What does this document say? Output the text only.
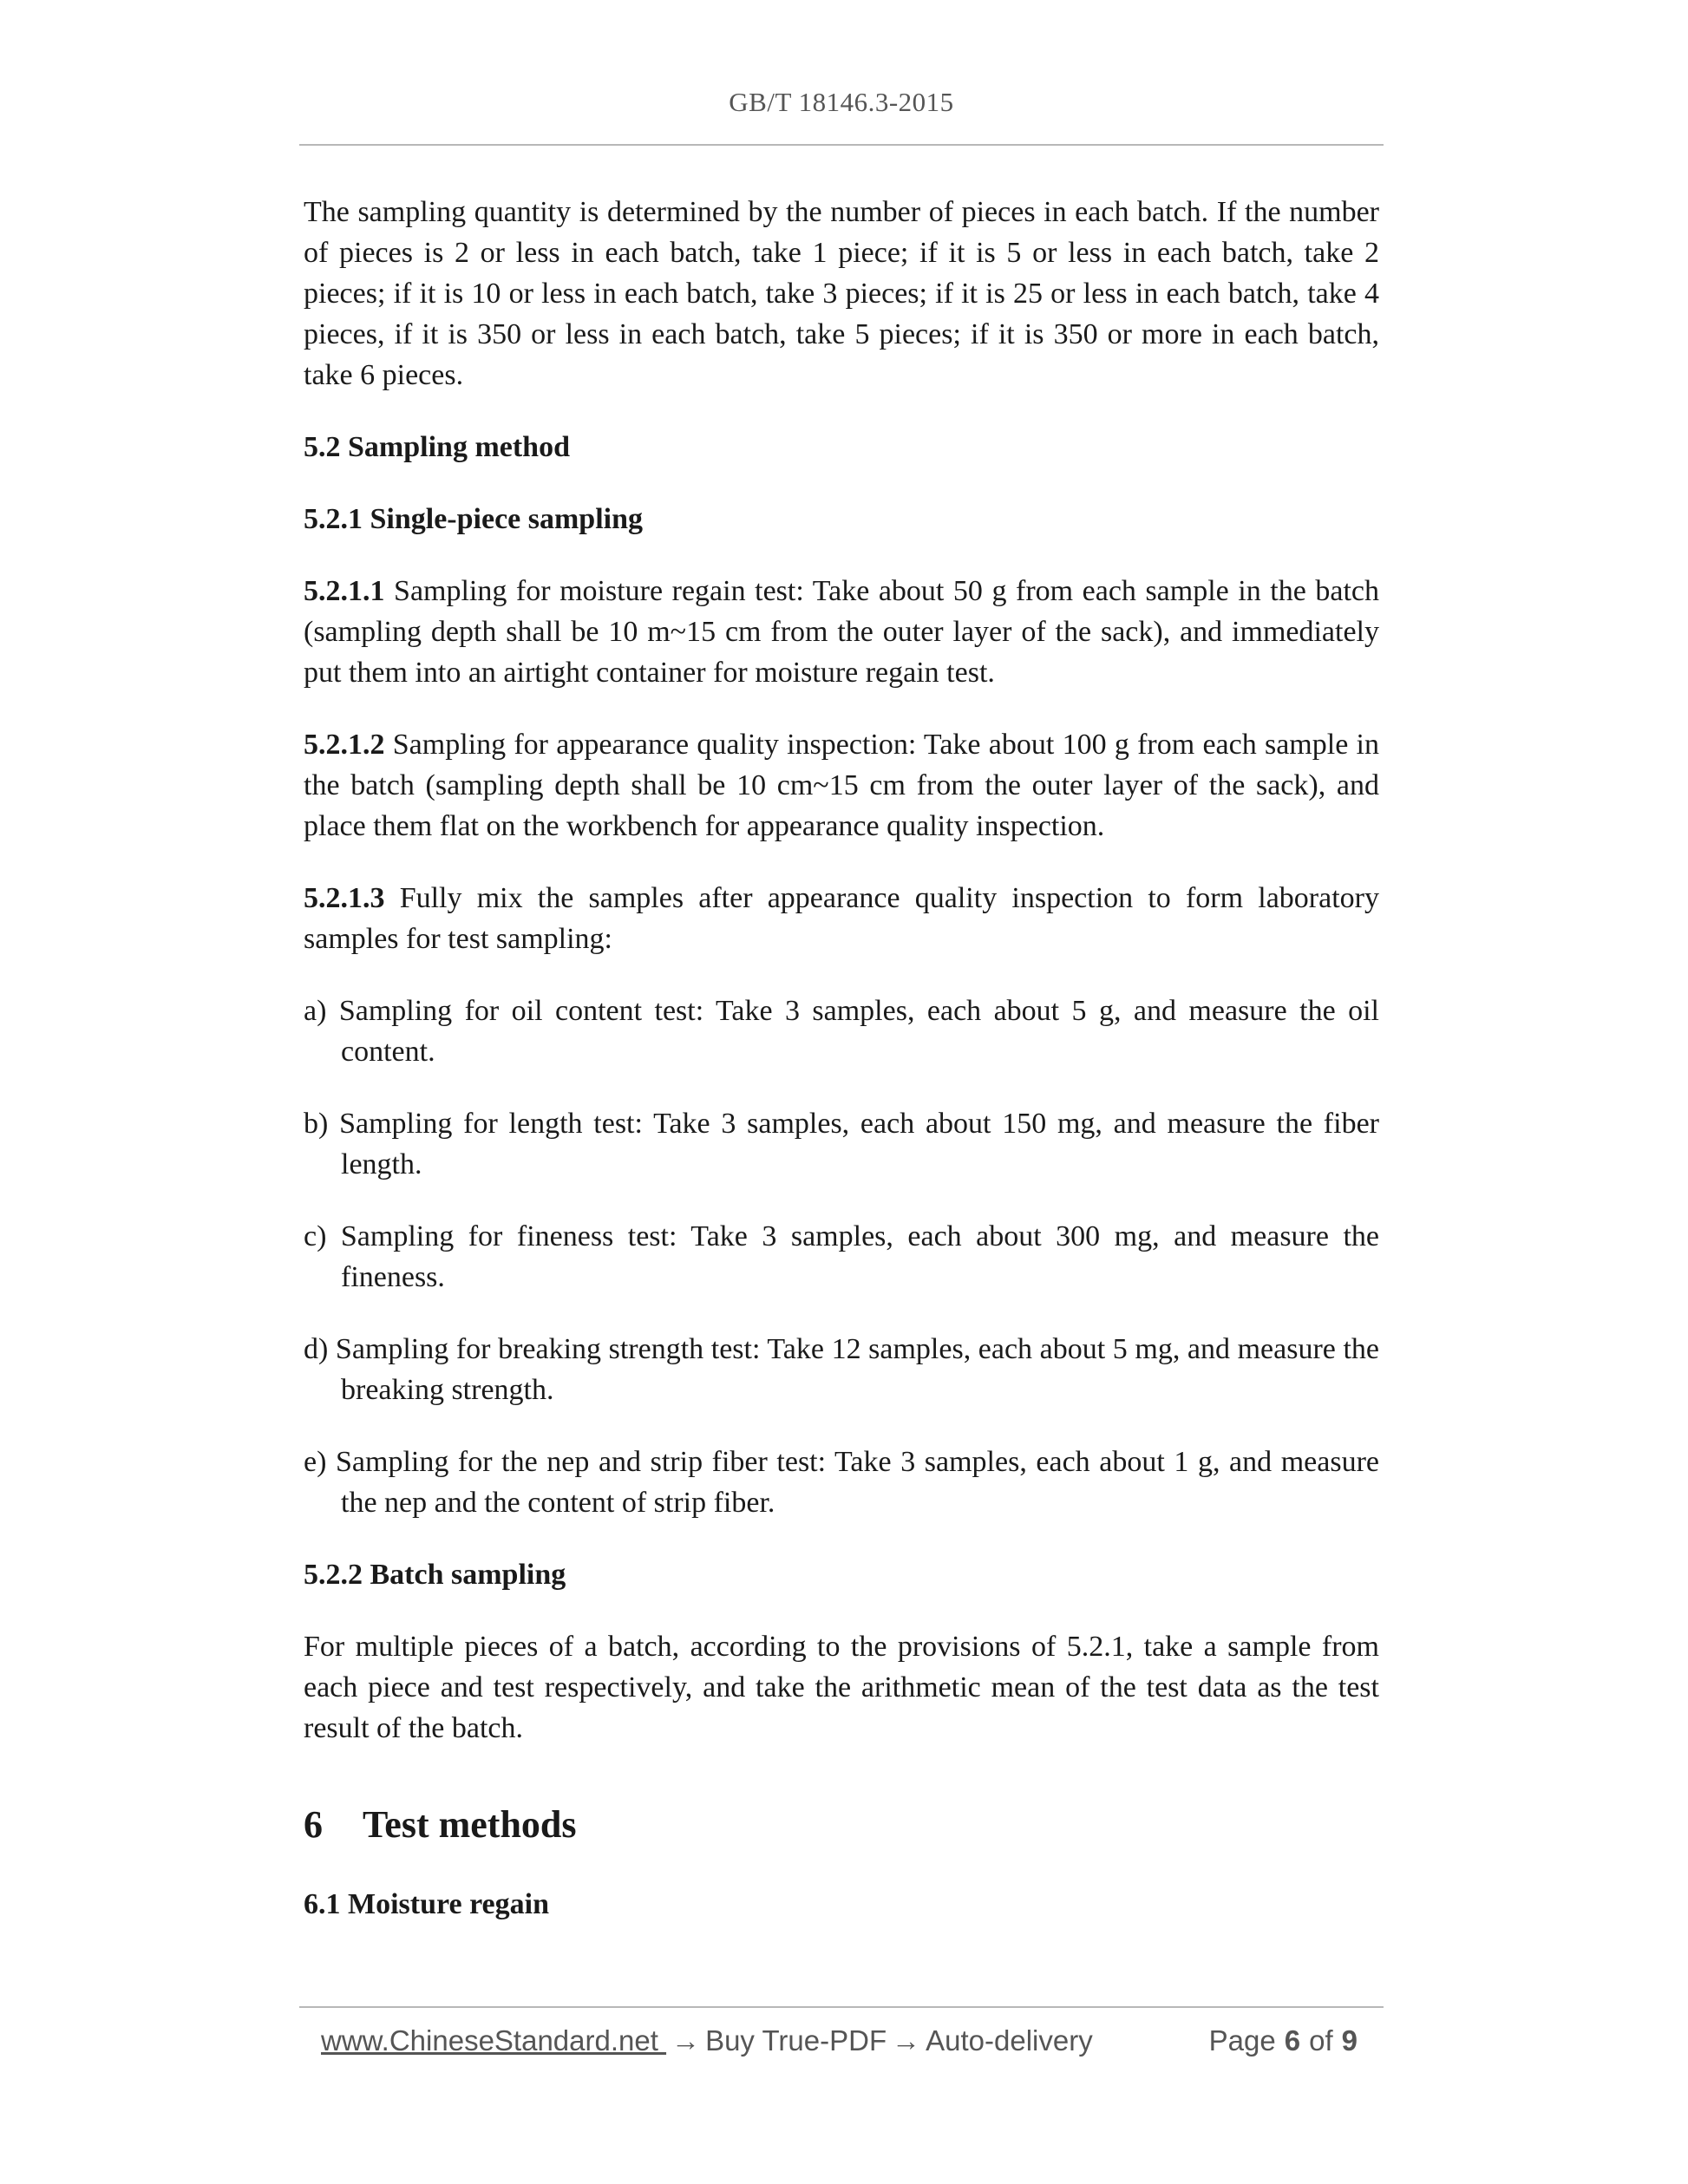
GB/T 18146.3-2015

The sampling quantity is determined by the number of pieces in each batch. If the number of pieces is 2 or less in each batch, take 1 piece; if it is 5 or less in each batch, take 2 pieces; if it is 10 or less in each batch, take 3 pieces; if it is 25 or less in each batch, take 4 pieces, if it is 350 or less in each batch, take 5 pieces; if it is 350 or more in each batch, take 6 pieces.

5.2 Sampling method
5.2.1 Single-piece sampling

5.2.1.1 Sampling for moisture regain test: Take about 50 g from each sample in the batch (sampling depth shall be 10 m~15 cm from the outer layer of the sack), and immediately put them into an airtight container for moisture regain test.

5.2.1.2 Sampling for appearance quality inspection: Take about 100 g from each sample in the batch (sampling depth shall be 10 cm~15 cm from the outer layer of the sack), and place them flat on the workbench for appearance quality inspection.

5.2.1.3 Fully mix the samples after appearance quality inspection to form laboratory samples for test sampling:

a) Sampling for oil content test: Take 3 samples, each about 5 g, and measure the oil content.

b) Sampling for length test: Take 3 samples, each about 150 mg, and measure the fiber length.

c) Sampling for fineness test: Take 3 samples, each about 300 mg, and measure the fineness.

d) Sampling for breaking strength test: Take 12 samples, each about 5 mg, and measure the breaking strength.

e) Sampling for the nep and strip fiber test: Take 3 samples, each about 1 g, and measure the nep and the content of strip fiber.

5.2.2 Batch sampling

For multiple pieces of a batch, according to the provisions of 5.2.1, take a sample from each piece and test respectively, and take the arithmetic mean of the test data as the test result of the batch.

6 Test methods
6.1 Moisture regain
www.ChineseStandard.net → Buy True-PDF → Auto-delivery	Page 6 of 9
